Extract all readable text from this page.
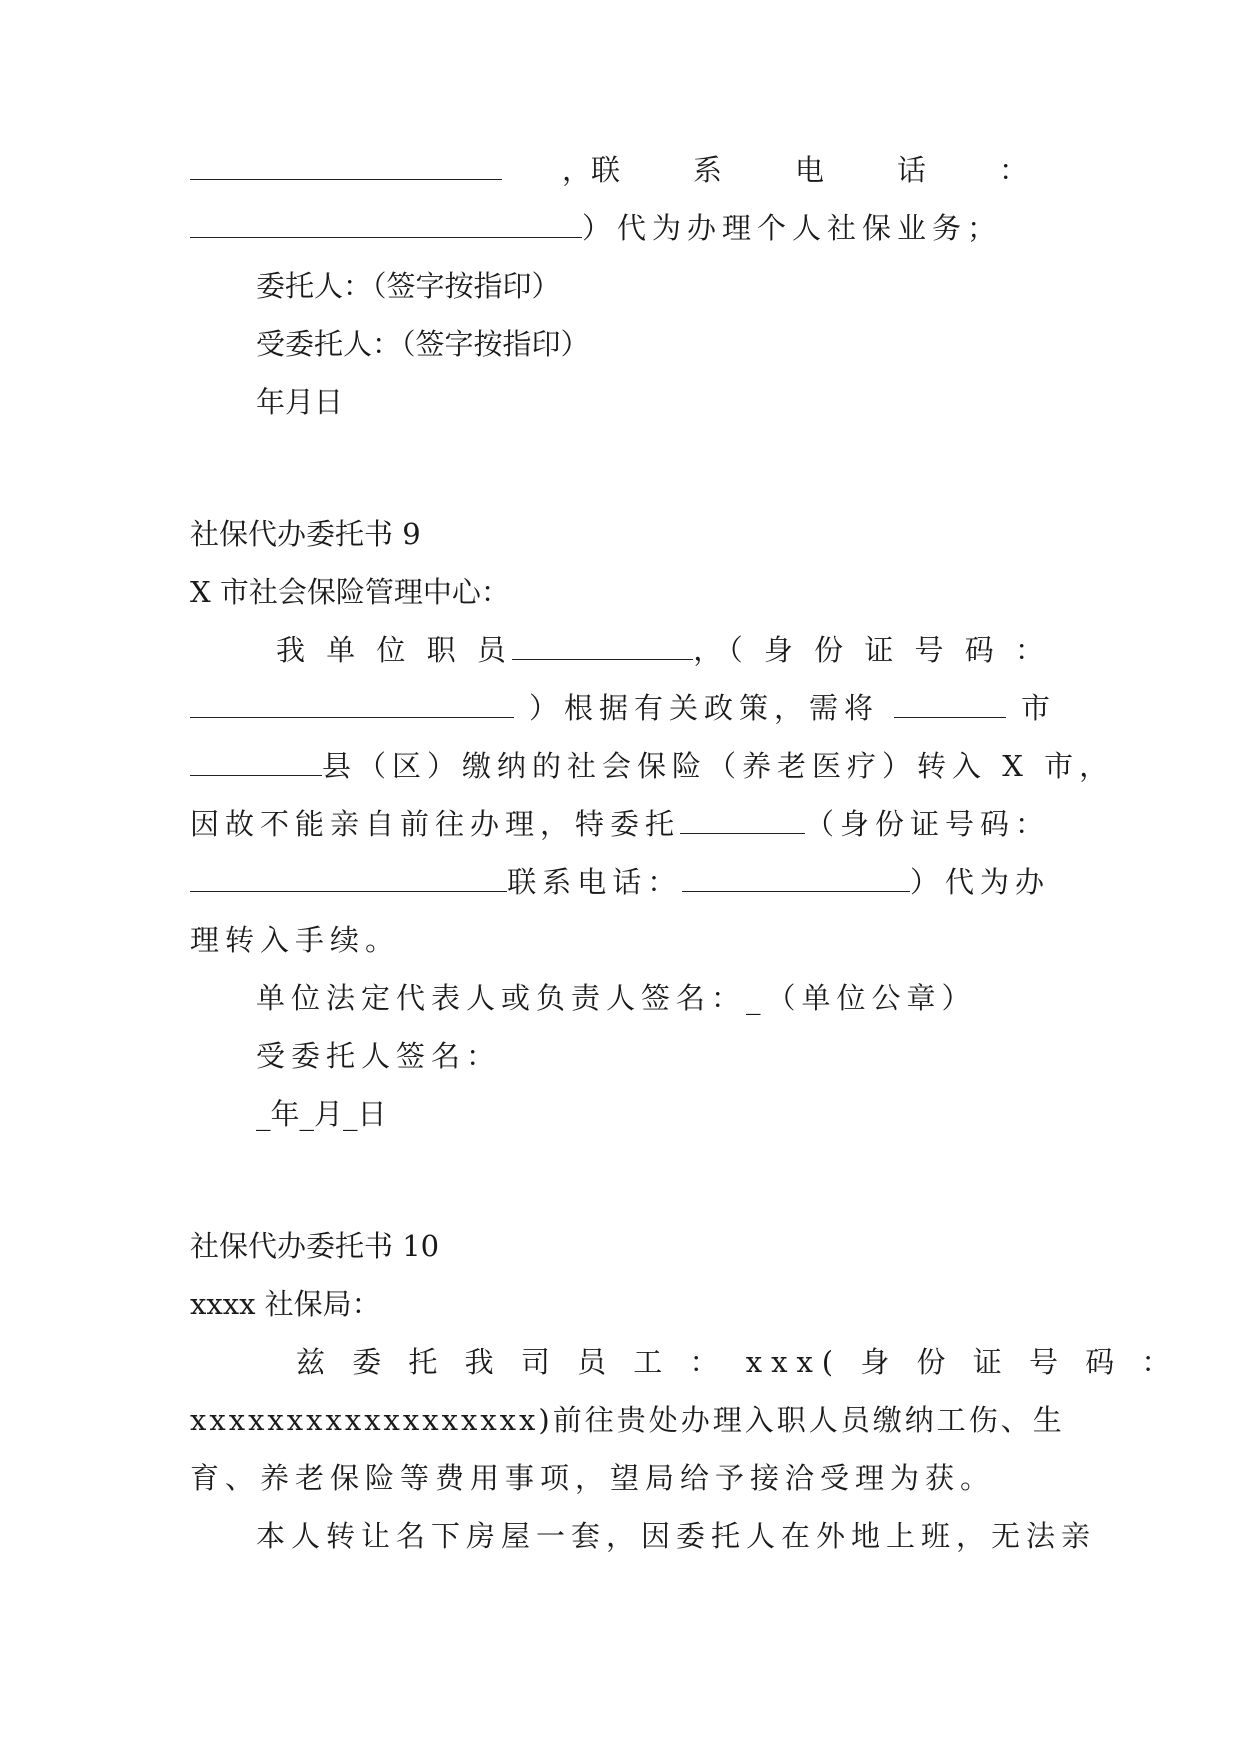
， 联　系　电　话　：
）代为办理个人社保业务；
委托人：（签字按指印）
受委托人：（签字按指印）
年月日
社保代办委托书 9
X 市社会保险管理中心：
我 单 位 职 员	，（ 身 份 证 号 码 ：
）根据有关政策，需将	市
县（区）缴纳的社会保险（养老医疗）转入 X 市，
因故不能亲自前往办理，特委托	（身份证号码：
联系电话：	）代为办
理转入手续。
单位法定代表人或负责人签名：_（单位公章）
受委托人签名：
_年_月_日
社保代办委托书 10
xxxx 社保局：
兹 委 托 我 司 员 工 ： xxx( 身 份 证 号 码 ：
xxxxxxxxxxxxxxxxxx)前往贵处办理入职人员缴纳工伤、生
育、养老保险等费用事项，望局给予接洽受理为获。
本人转让名下房屋一套，因委托人在外地上班，无法亲
